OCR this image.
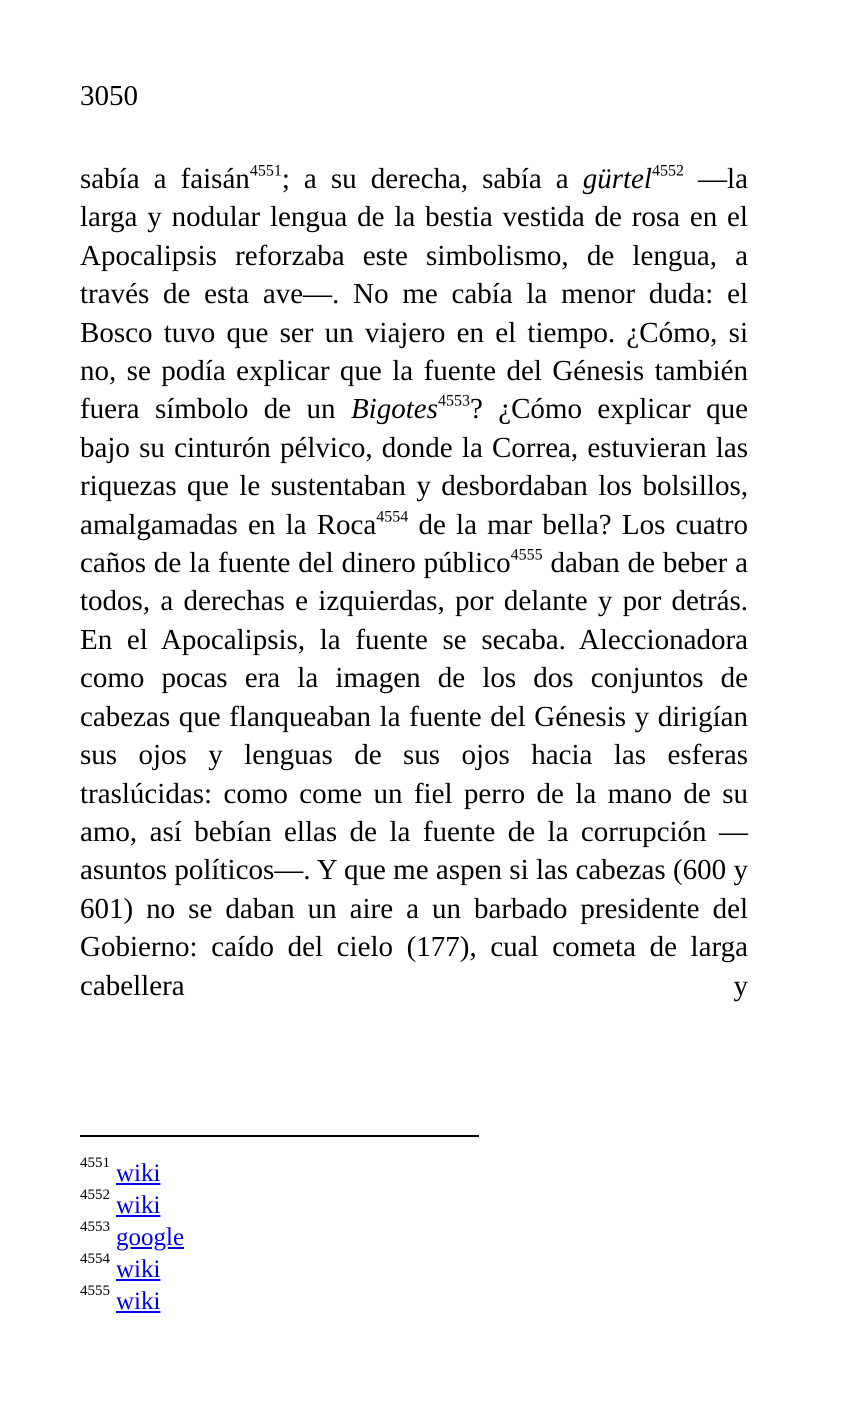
3050

sabía a faisán$^{4551}$; a su derecha, sabía a gürtel$^{4552}$ —la larga y nodular lengua de la bestia vestida de rosa en el Apocalipsis reforzaba este simbolismo, de lengua, a través de esta ave—. No me cabía la menor duda: el Bosco tuvo que ser un viajero en el tiempo. ¿Cómo, si no, se podía explicar que la fuente del Génesis también fuera símbolo de un Bigotes$^{4553}$? ¿Cómo explicar que bajo su cinturón pélvico, donde la Correa, estuvieran las riquezas que le sustentaban y desbordaban los bolsillos, amalgamadas en la Roca$^{4554}$ de la mar bella? Los cuatro caños de la fuente del dinero público$^{4555}$ daban de beber a todos, a derechas e izquierdas, por delante y por detrás. En el Apocalipsis, la fuente se secaba. Aleccionadora como pocas era la imagen de los dos conjuntos de cabezas que flanqueaban la fuente del Génesis y dirigían sus ojos y lenguas de sus ojos hacia las esferas traslúcidas: como come un fiel perro de la mano de su amo, así bebían ellas de la fuente de la corrupción —asuntos políticos—. Y que me aspen si las cabezas (600 y 601) no se daban un aire a un barbado presidente del Gobierno: caído del cielo (177), cual cometa de larga cabellera y

4551 wiki
4552 wiki
4553 google
4554 wiki
4555 wiki
